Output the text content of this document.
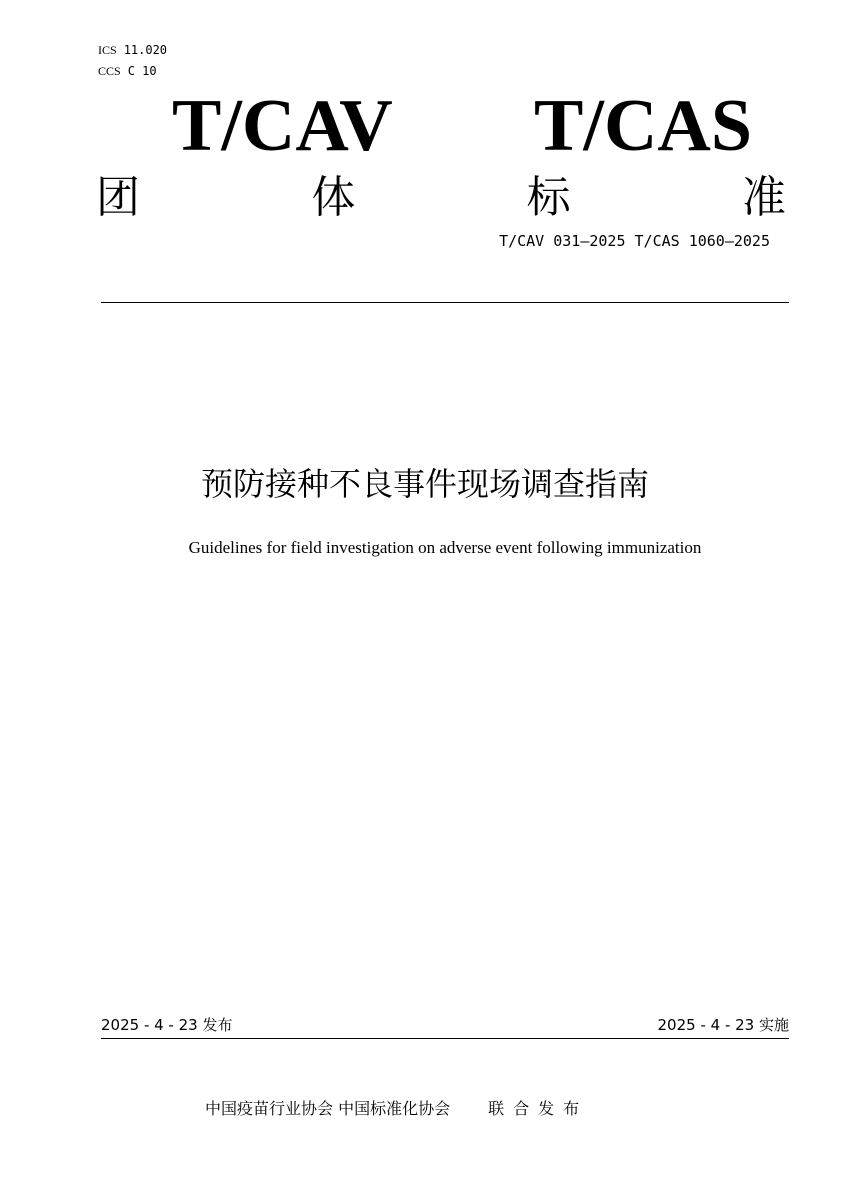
ICS 11.020
CCS C 10
T/CAV T/CAS
团	体	标	准
T/CAV 031—2025 T/CAS 1060—2025
预防接种不良事件现场调查指南
Guidelines for field investigation on adverse event following immunization
2025 - 4 - 23 发布	2025 - 4 - 23 实施
中国疫苗行业协会 中国标准化协会 联合发布
